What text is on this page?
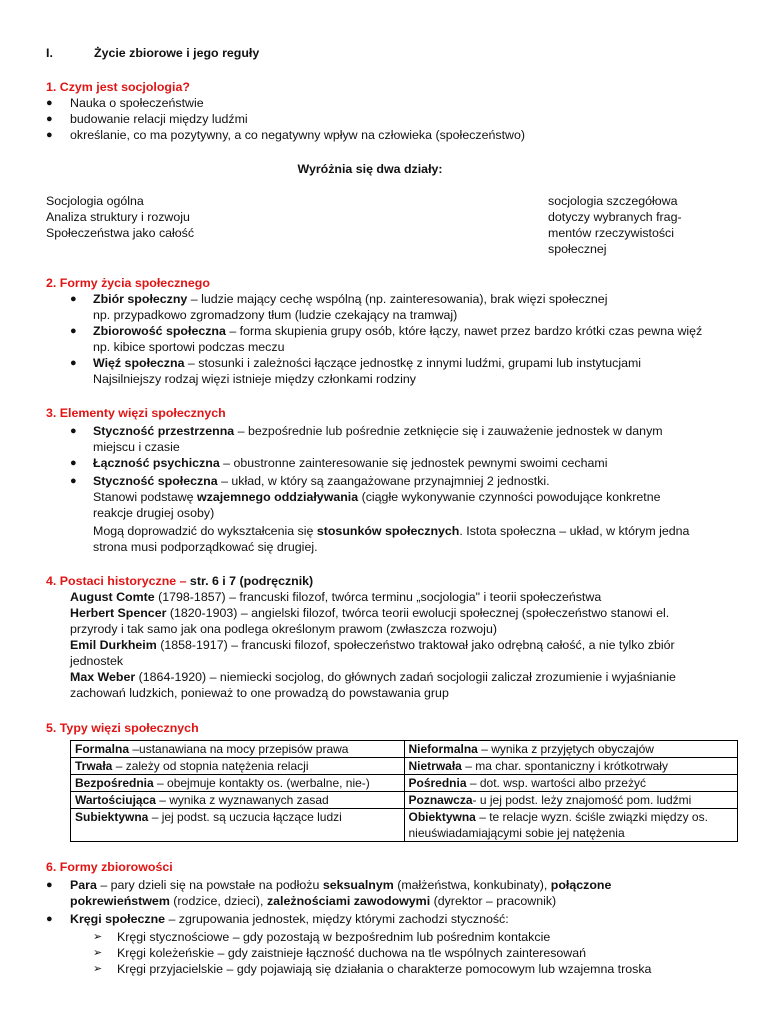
I.	Życie zbiorowe i jego reguły
1. Czym jest socjologia?
● Nauka o społeczeństwie
● budowanie relacji między ludźmi
● określanie, co ma pozytywny, a co negatywny wpływ na człowieka (społeczeństwo)
Wyróżnia się dwa działy:
Socjologia ogólna
Analiza struktury i rozwoju
Społeczeństwa jako całość
socjologia szczegółowa
dotyczy wybranych frag-
mentów rzeczywistości
społecznej
2. Formy życia społecznego
● Zbiór społeczny – ludzie mający cechę wspólną (np. zainteresowania), brak więzi społecznej
np. przypadkowo zgromadzony tłum (ludzie czekający na tramwaj)
● Zbiorowość społeczna – forma skupienia grupy osób, które łączy, nawet przez bardzo krótki czas pewna więź
np. kibice sportowi podczas meczu
● Więź społeczna – stosunki i zależności łączące jednostkę z innymi ludźmi, grupami lub instytucjami
Najsilniejszy rodzaj więzi istnieje między członkami rodziny
3. Elementy więzi społecznych
● Styczność przestrzenna – bezpośrednie lub pośrednie zetknięcie się i zauważenie jednostek w danym
miejscu i czasie
● Łączność psychiczna – obustronne zainteresowanie się jednostek pewnymi swoimi cechami
● Styczność społeczna – układ, w który są zaangażowane przynajmniej 2 jednostki.
Stanowi podstawę wzajemnego oddziaływania (ciągłe wykonywanie czynności powodujące konkretne
reakcje drugiej osoby)
Mogą doprowadzić do wykształcenia się stosunków społecznych. Istota społeczna – układ, w którym jedna
strona musi podporządkować się drugiej.
4. Postaci historyczne – str. 6 i 7 (podręcznik)
August Comte (1798-1857) – francuski filozof, twórca terminu „socjologia" i teorii społeczeństwa
Herbert Spencer (1820-1903) – angielski filozof, twórca teorii ewolucji społecznej (społeczeństwo stanowi el.
przyrody i tak samo jak ona podlega określonym prawom (zwłaszcza rozwoju)
Emil Durkheim (1858-1917) – francuski filozof, społeczeństwo traktował jako odrębną całość, a nie tylko zbiór
jednostek
Max Weber (1864-1920) – niemiecki socjolog, do głównych zadań socjologii zaliczał zrozumienie i wyjaśnianie
zachowań ludzkich, ponieważ to one prowadzą do powstawania grup
5. Typy więzi społecznych
Formalna –ustanawiana na mocy przepisów prawa	Nieformalna – wynika z przyjętych obyczajów
Trwała – zależy od stopnia natężenia relacji	Nietrwała – ma char. spontaniczny i krótkotrwały
Bezpośrednia – obejmuje kontakty os. (werbalne, nie-)	Pośrednia – dot. wsp. wartości albo przeżyć
Wartościująca – wynika z wyznawanych zasad	Poznawcza- u jej podst. leży znajomość pom. ludźmi
Subiektywna – jej podst. są uczucia łączące ludzi	Obiektywna – te relacje wyzn. ściśle związki między os.
nieuświadamiającymi sobie jej natężenia
6. Formy zbiorowości
● Para – pary dzieli się na powstałe na podłożu seksualnym (małżeństwa, konkubinaty), połączone
pokrewieństwem (rodzice, dzieci), zależnościami zawodowymi (dyrektor – pracownik)
● Kręgi społeczne – zgrupowania jednostek, między którymi zachodzi styczność:
➢ Kręgi stycznościowe – gdy pozostają w bezpośrednim lub pośrednim kontakcie
➢ Kręgi koleżeńskie – gdy zaistnieje łączność duchowa na tle wspólnych zainteresowań
➢ Kręgi przyjacielskie – gdy pojawiają się działania o charakterze pomocowym lub wzajemna troska
